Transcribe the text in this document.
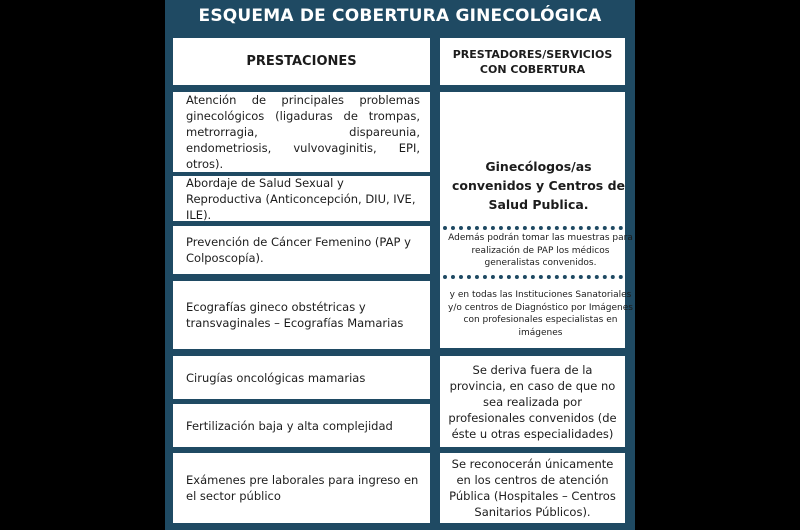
ESQUEMA DE COBERTURA GINECOLÓGICA
PRESTACIONES	PRESTADORES/SERVICIOS
CON COBERTURA
Atención de principales problemas ginecológicos (ligaduras de trompas, metrorragia, dispareunia, endometriosis, vulvovaginitis, EPI, otros).
Abordaje de Salud Sexual y Reproductiva (Anticoncepción, DIU, IVE, ILE).
Prevención de Cáncer Femenino (PAP y Colposcopía).
Ecografías gineco obstétricas y transvaginales – Ecografías Mamarias
Cirugías oncológicas mamarias
Fertilización baja y alta complejidad
Exámenes pre laborales para ingreso en el sector público
Ginecólogos/as convenidos y Centros de Salud Publica.
Además podrán tomar las muestras para realización de PAP los médicos generalistas convenidos.
y en todas las Instituciones Sanatoriales y/o centros de Diagnóstico por Imágenes con profesionales especialistas en imágenes
Se deriva fuera de la provincia, en caso de que no sea realizada por profesionales convenidos (de éste u otras especialidades)
Se reconocerán únicamente en los centros de atención Pública (Hospitales – Centros Sanitarios Públicos).
